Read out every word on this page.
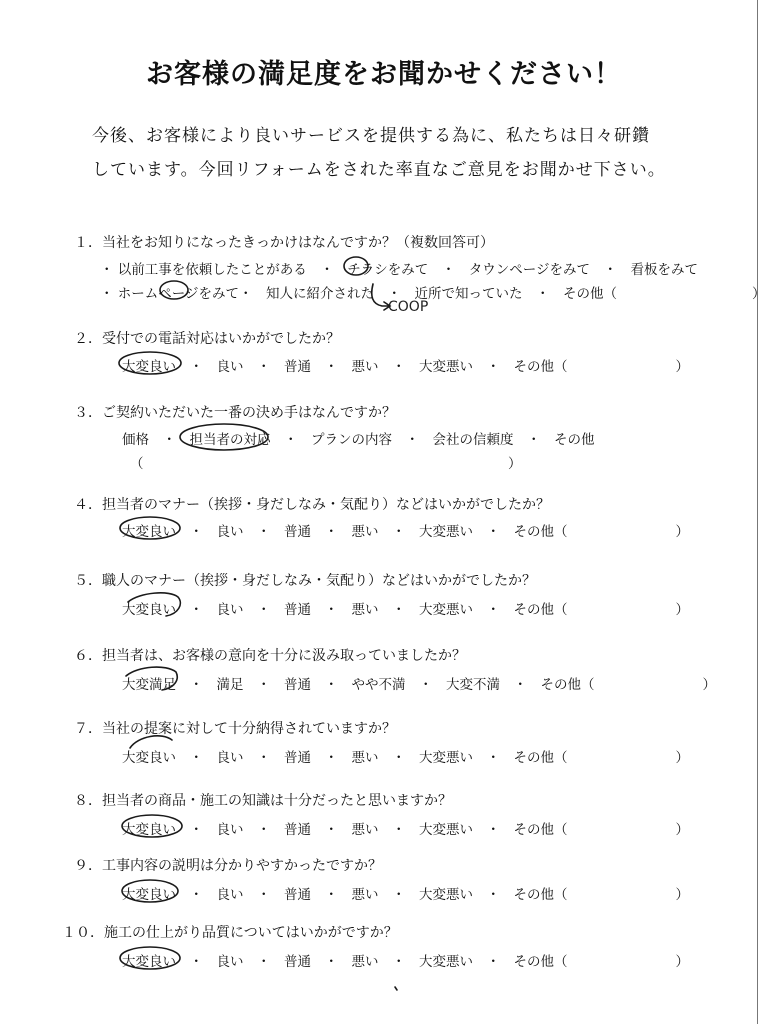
お客様の満足度をお聞かせください！
今後、お客様により良いサービスを提供する為に、私たちは日々研鑽
しています。今回リフォームをされた率直なご意見をお聞かせ下さい。
１．当社をお知りになったきっかけはなんですか？（複数回答可）
・ 以前工事を依頼したことがある　・　チラシをみて　・　タウンページをみて　・　看板をみて
・ ホームページをみて・　知人に紹介された　・　近所で知っていた　・　その他（　　　　　　　　　　）
COOP
２．受付での電話対応はいかがでしたか？
大変良い　・　良い　・　普通　・　悪い　・　大変悪い　・　その他（　　　　　　　　）
３．ご契約いただいた一番の決め手はなんですか？
価格　・　担当者の対応　・　プランの内容　・　会社の信頼度　・　その他
（　　　　　　　　　　　　　　　　　　　　　　　　　　　）
４．担当者のマナー（挨拶・身だしなみ・気配り）などはいかがでしたか？
大変良い　・　良い　・　普通　・　悪い　・　大変悪い　・　その他（　　　　　　　　）
５．職人のマナー（挨拶・身だしなみ・気配り）などはいかがでしたか？
大変良い　・　良い　・　普通　・　悪い　・　大変悪い　・　その他（　　　　　　　　）
６．担当者は、お客様の意向を十分に汲み取っていましたか？
大変満足　・　満足　・　普通　・　やや不満　・　大変不満　・　その他（　　　　　　　　）
７．当社の提案に対して十分納得されていますか？
大変良い　・　良い　・　普通　・　悪い　・　大変悪い　・　その他（　　　　　　　　）
８．担当者の商品・施工の知識は十分だったと思いますか？
大変良い　・　良い　・　普通　・　悪い　・　大変悪い　・　その他（　　　　　　　　）
９．工事内容の説明は分かりやすかったですか？
大変良い　・　良い　・　普通　・　悪い　・　大変悪い　・　その他（　　　　　　　　）
１０．施工の仕上がり品質についてはいかがですか？
大変良い　・　良い　・　普通　・　悪い　・　大変悪い　・　その他（　　　　　　　　）
